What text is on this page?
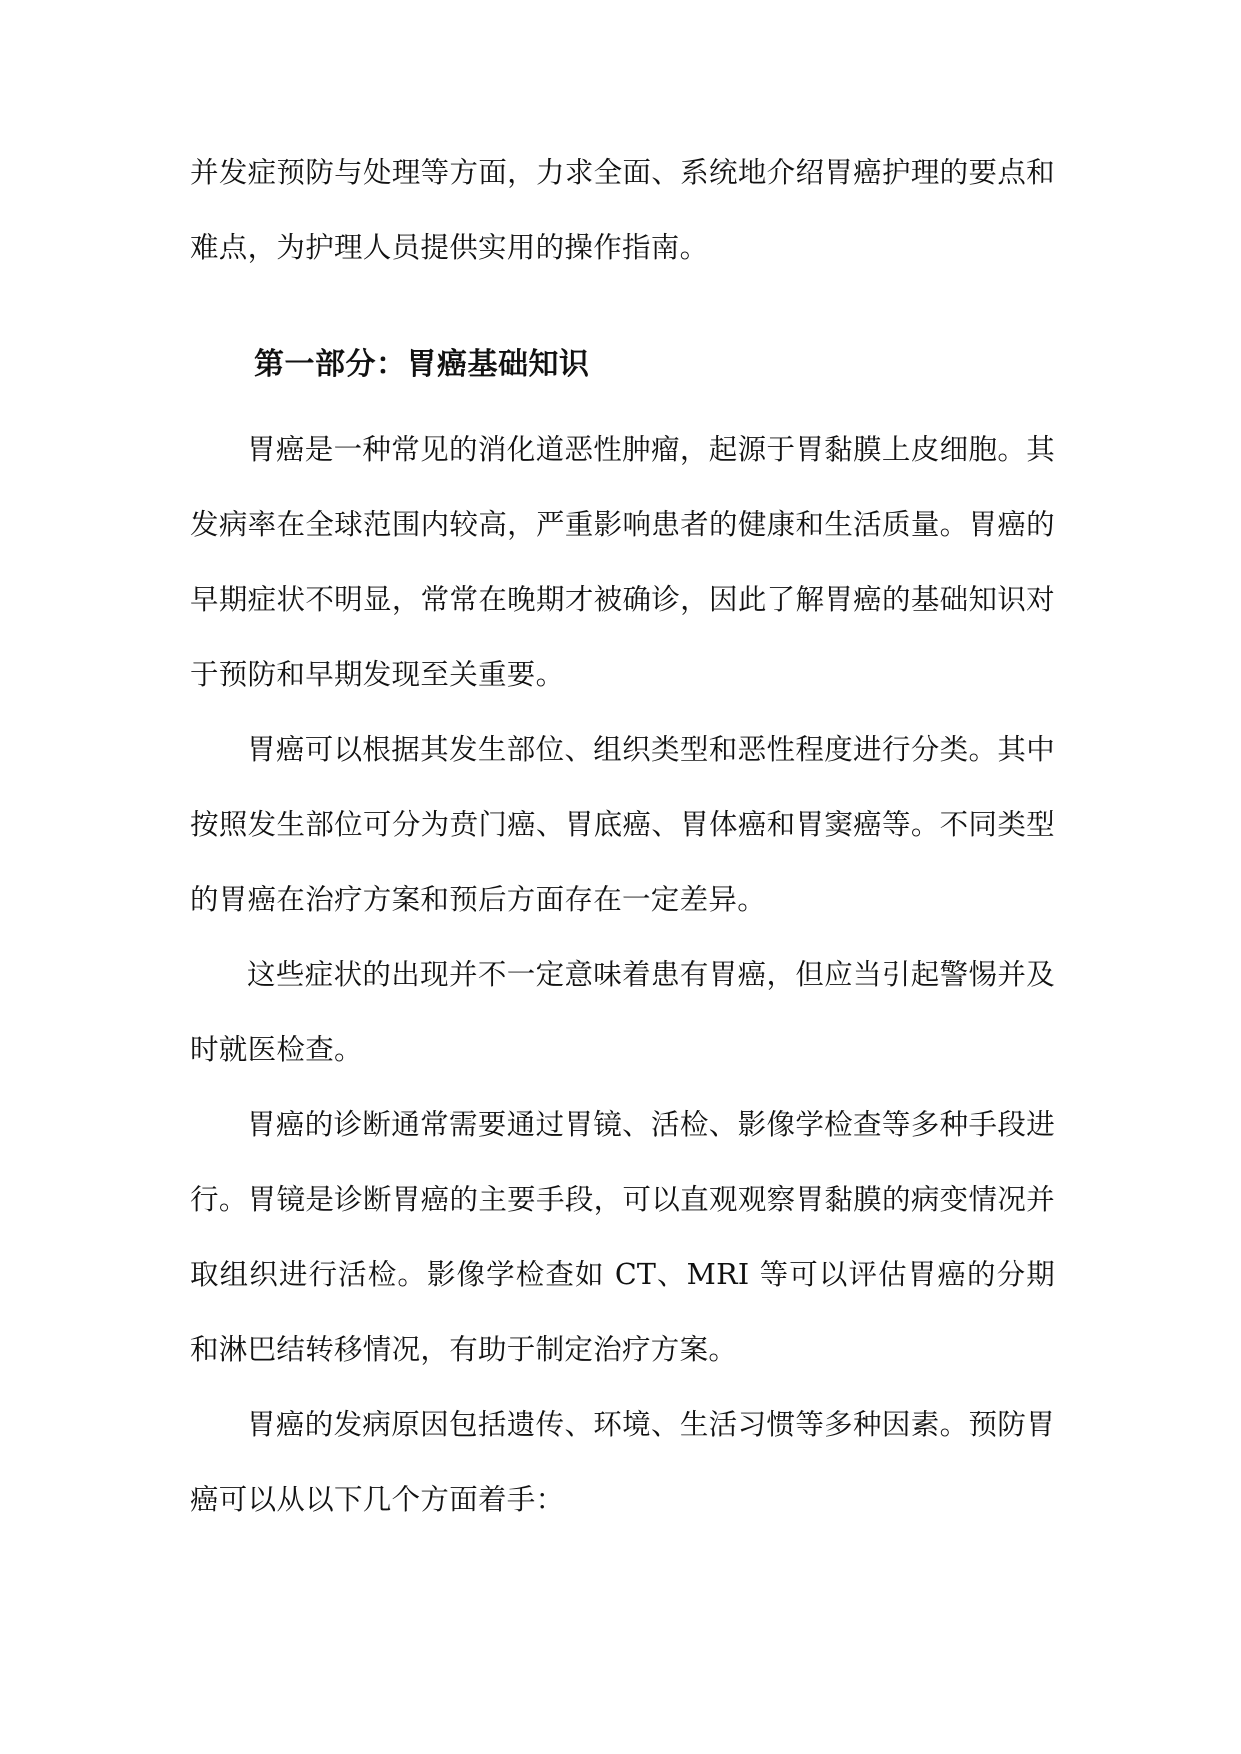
并发症预防与处理等方面，力求全面、系统地介绍胃癌护理的要点和难点，为护理人员提供实用的操作指南。

第一部分：胃癌基础知识

胃癌是一种常见的消化道恶性肿瘤，起源于胃黏膜上皮细胞。其发病率在全球范围内较高，严重影响患者的健康和生活质量。胃癌的早期症状不明显，常常在晚期才被确诊，因此了解胃癌的基础知识对于预防和早期发现至关重要。

胃癌可以根据其发生部位、组织类型和恶性程度进行分类。其中按照发生部位可分为贲门癌、胃底癌、胃体癌和胃窦癌等。不同类型的胃癌在治疗方案和预后方面存在一定差异。

这些症状的出现并不一定意味着患有胃癌，但应当引起警惕并及时就医检查。

胃癌的诊断通常需要通过胃镜、活检、影像学检查等多种手段进行。胃镜是诊断胃癌的主要手段，可以直观观察胃黏膜的病变情况并取组织进行活检。影像学检查如 CT、MRI 等可以评估胃癌的分期和淋巴结转移情况，有助于制定治疗方案。

胃癌的发病原因包括遗传、环境、生活习惯等多种因素。预防胃癌可以从以下几个方面着手：
